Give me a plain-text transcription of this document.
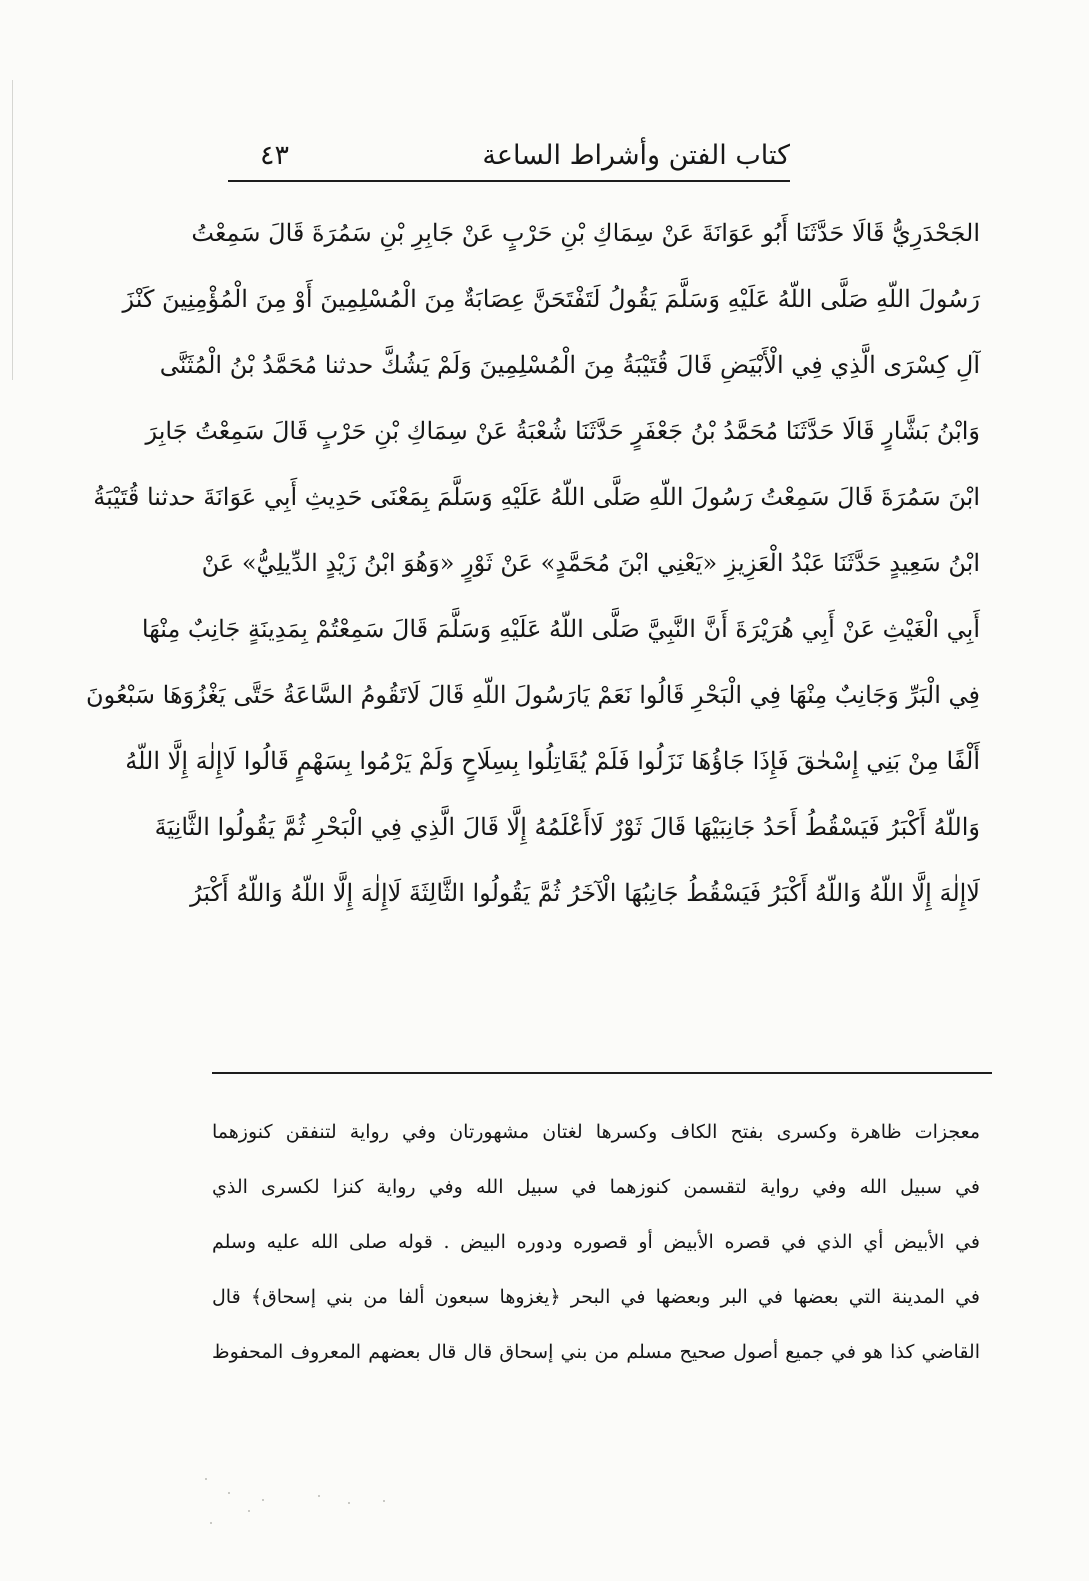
كتاب الفتن وأشراط الساعة
٤٣
الجَحْدَرِيُّ قَالَا حَدَّثَنَا أَبُو عَوَانَةَ عَنْ سِمَاكِ بْنِ حَرْبٍ عَنْ جَابِرِ بْنِ سَمُرَةَ قَالَ سَمِعْتُ
رَسُولَ اللّهِ صَلَّى اللّهُ عَلَيْهِ وَسَلَّمَ يَقُولُ لَتَفْتَحَنَّ عِصَابَةٌ مِنَ الْمُسْلِمِينَ أَوْ مِنَ الْمُؤْمِنِينَ كَنْزَ
آلِ كِسْرَى الَّذِي فِي الْأَبْيَضِ قَالَ قُتَيْبَةُ مِنَ الْمُسْلِمِينَ وَلَمْ يَشُكَّ حدثنا مُحَمَّدُ بْنُ الْمُثَنَّى
وَابْنُ بَشَّارٍ قَالَا حَدَّثَنَا مُحَمَّدُ بْنُ جَعْفَرٍ حَدَّثَنَا شُعْبَةُ عَنْ سِمَاكِ بْنِ حَرْبٍ قَالَ سَمِعْتُ جَابِرَ
ابْنَ سَمُرَةَ قَالَ سَمِعْتُ رَسُولَ اللّهِ صَلَّى اللّهُ عَلَيْهِ وَسَلَّمَ بِمَعْنَى حَدِيثِ أَبِي عَوَانَةَ حدثنا قُتَيْبَةُ
ابْنُ سَعِيدٍ حَدَّثَنَا عَبْدُ الْعَزِيزِ «يَعْنِي ابْنَ مُحَمَّدٍ» عَنْ ثَوْرٍ «وَهُوَ ابْنُ زَيْدٍ الدِّيلِيُّ» عَنْ
أَبِي الْغَيْثِ عَنْ أَبِي هُرَيْرَةَ أَنَّ النَّبِيَّ صَلَّى اللّهُ عَلَيْهِ وَسَلَّمَ قَالَ سَمِعْتُمْ بِمَدِينَةٍ جَانِبٌ مِنْهَا
فِي الْبَرِّ وَجَانِبٌ مِنْهَا فِي الْبَحْرِ قَالُوا نَعَمْ يَارَسُولَ اللّهِ قَالَ لَاتَقُومُ السَّاعَةُ حَتَّى يَغْزُوَهَا سَبْعُونَ
أَلْفًا مِنْ بَنِي إِسْحٰقَ فَإِذَا جَاؤُهَا نَزَلُوا فَلَمْ يُقَاتِلُوا بِسِلَاحٍ وَلَمْ يَرْمُوا بِسَهْمٍ قَالُوا لَاإِلٰهَ إِلَّا اللّهُ
وَاللّهُ أَكْبَرُ فَيَسْقُطُ أَحَدُ جَانِبَيْهَا قَالَ ثَوْرٌ لَاأَعْلَمُهُ إِلَّا قَالَ الَّذِي فِي الْبَحْرِ ثُمَّ يَقُولُوا الثَّانِيَةَ
لَاإِلٰهَ إِلَّا اللّهُ وَاللّهُ أَكْبَرُ فَيَسْقُطُ جَانِبُهَا الْآخَرُ ثُمَّ يَقُولُوا الثَّالِثَةَ لَاإِلٰهَ إِلَّا اللّهُ وَاللّهُ أَكْبَرُ
معجزات ظاهرة وكسرى بفتح الكاف وكسرها لغتان مشهورتان وفي رواية لتنفقن كنوزهما
في سبيل الله وفي رواية لتقسمن كنوزهما في سبيل الله وفي رواية كنزا لكسرى الذي
في الأبيض أي الذي في قصره الأبيض أو قصوره ودوره البيض . قوله صلى الله عليه وسلم
في المدينة التي بعضها في البر وبعضها في البحر ﴿يغزوها سبعون ألفا من بني إسحاق﴾ قال
القاضي كذا هو في جميع أصول صحيح مسلم من بني إسحاق قال قال بعضهم المعروف المحفوظ
